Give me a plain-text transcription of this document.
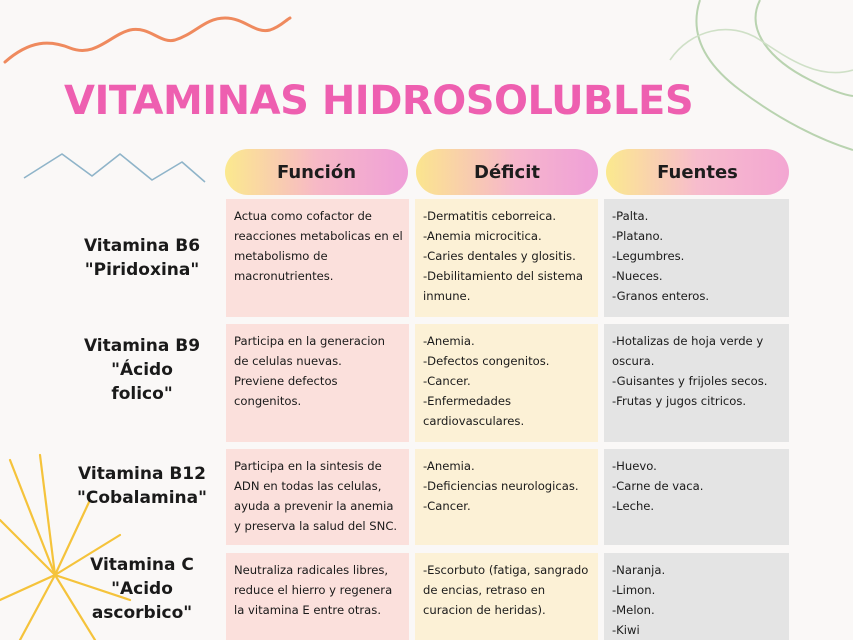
VITAMINAS HIDROSOLUBLES
Función	Déficit	Fuentes
Vitamina B6
"Piridoxina"
Actua como cofactor de reacciones metabolicas en el metabolismo de macronutrientes.
-Dermatitis ceborreica.
-Anemia microcitica.
-Caries dentales y glositis.
-Debilitamiento del sistema inmune.
-Palta.
-Platano.
-Legumbres.
-Nueces.
-Granos enteros.
Vitamina B9
"Ácido
folico"
Participa en la generacion de celulas nuevas.
Previene defectos congenitos.
-Anemia.
-Defectos congenitos.
-Cancer.
-Enfermedades cardiovasculares.
-Hotalizas de hoja verde y oscura.
-Guisantes y frijoles secos.
-Frutas y jugos citricos.
Vitamina B12
"Cobalamina"
Participa en la sintesis de ADN en todas las celulas, ayuda a prevenir la anemia y preserva la salud del SNC.
-Anemia.
-Deficiencias neurologicas.
-Cancer.
-Huevo.
-Carne de vaca.
-Leche.
Vitamina C
"Acido
ascorbico"
Neutraliza radicales libres, reduce el hierro y regenera la vitamina E entre otras.
-Escorbuto (fatiga, sangrado de encias, retraso en curacion de heridas).
-Naranja.
-Limon.
-Melon.
-Kiwi
